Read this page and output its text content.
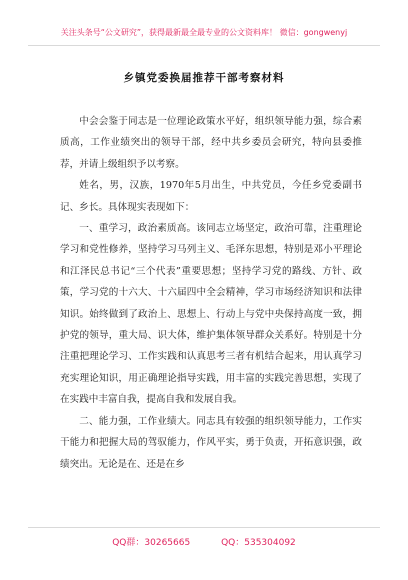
关注头条号“公文研究”，获得最新最全最专业的公文资料库！ 微信：gongwenyj
乡镇党委换届推荐干部考察材料

中会会鉴于同志是一位理论政策水平好，组织领导能力强，综合素质高，工作业绩突出的领导干部，经中共乡委员会研究，特向县委推荐，并请上级组织予以考察。

姓名，男，汉族，1970年5月出生，中共党员，今任乡党委副书记、乡长。具体现实表现如下：

一、重学习，政治素质高。该同志立场坚定，政治可靠，注重理论学习和党性修养，坚持学习马列主义、毛泽东思想，特别是邓小平理论和江泽民总书记“三个代表”重要思想；坚持学习党的路线、方针、政策，学习党的十六大、十六届四中全会精神，学习市场经济知识和法律知识。始终做到了政治上、思想上、行动上与党中央保持高度一致，拥护党的领导，重大局、识大体，维护集体领导群众关系好。特别是十分注重把理论学习、工作实践和认真思考三者有机结合起来，用认真学习充实理论知识，用正确理论指导实践，用丰富的实践完善思想，实现了在实践中丰富自我，提高自我和发展自我。

二、能力强，工作业绩大。同志具有较强的组织领导能力，工作实干能力和把握大局的驾驭能力，作风平实，勇于负责，开拓意识强，政绩突出。无论是在、还是在乡

QQ群：30265665	QQ：535304092
